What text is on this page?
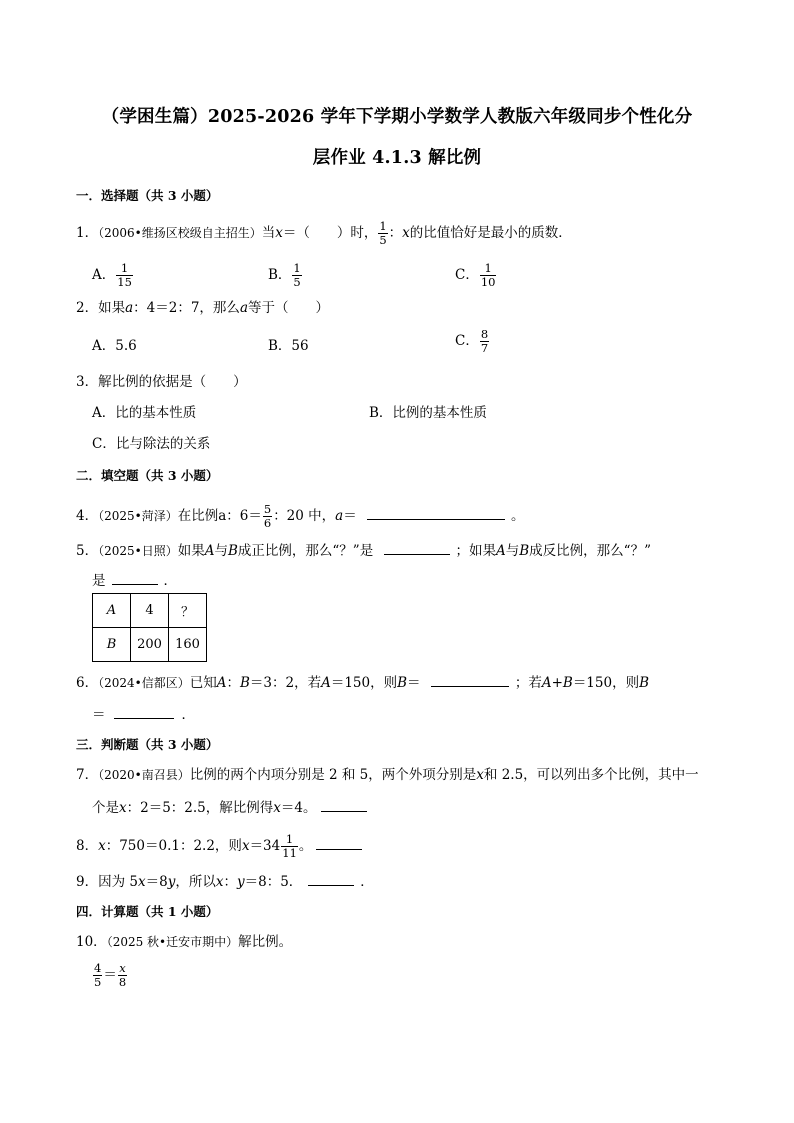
（学困生篇）2025-2026 学年下学期小学数学人教版六年级同步个性化分
层作业 4.1.3 解比例
一．选择题（共 3 小题）
1．（2006•维扬区校级自主招生）当x＝（　　）时， $\frac{1}{5}$ ：x的比值恰好是最小的质数．
A． $\frac{1}{15}$	B． $\frac{1}{5}$	C． $\frac{1}{10}$
2．如果a：4＝2：7，那么a等于（　　）
A．5.6	B．56	C． $\frac{8}{7}$
3．解比例的依据是（　　）
A．比的基本性质	B．比例的基本性质
C．比与除法的关系
二．填空题（共 3 小题）
4．（2025•菏泽）在比例a：$6= \frac{5}{6}$ ：20 中，a＝	。
5．（2025•日照）如果A与B成正比例，那么“？”是	；如果A与B成反比例，那么“？”
是	．
A	4	？
B	200	160
6．（2024•信都区）已知A：B＝3：2，若A＝150，则B＝	；若A+B＝150，则B
＝	．
三．判断题（共 3 小题）
7．（2020•南召县）比例的两个内项分别是 2 和 5，两个外项分别是x和 2.5，可以列出多个比例，其中一
个是x：2＝5：2.5，解比例得x＝4。
8．x：750＝0.1：2.2，则$x=34 \frac{1}{11}$ 。
9．因为 5x＝8y，所以x：y＝8：5．	．
四．计算题（共 1 小题）
10．（2025 秋•迁安市期中）解比例。
$\frac{4}{5} = \frac{x}{8}$
